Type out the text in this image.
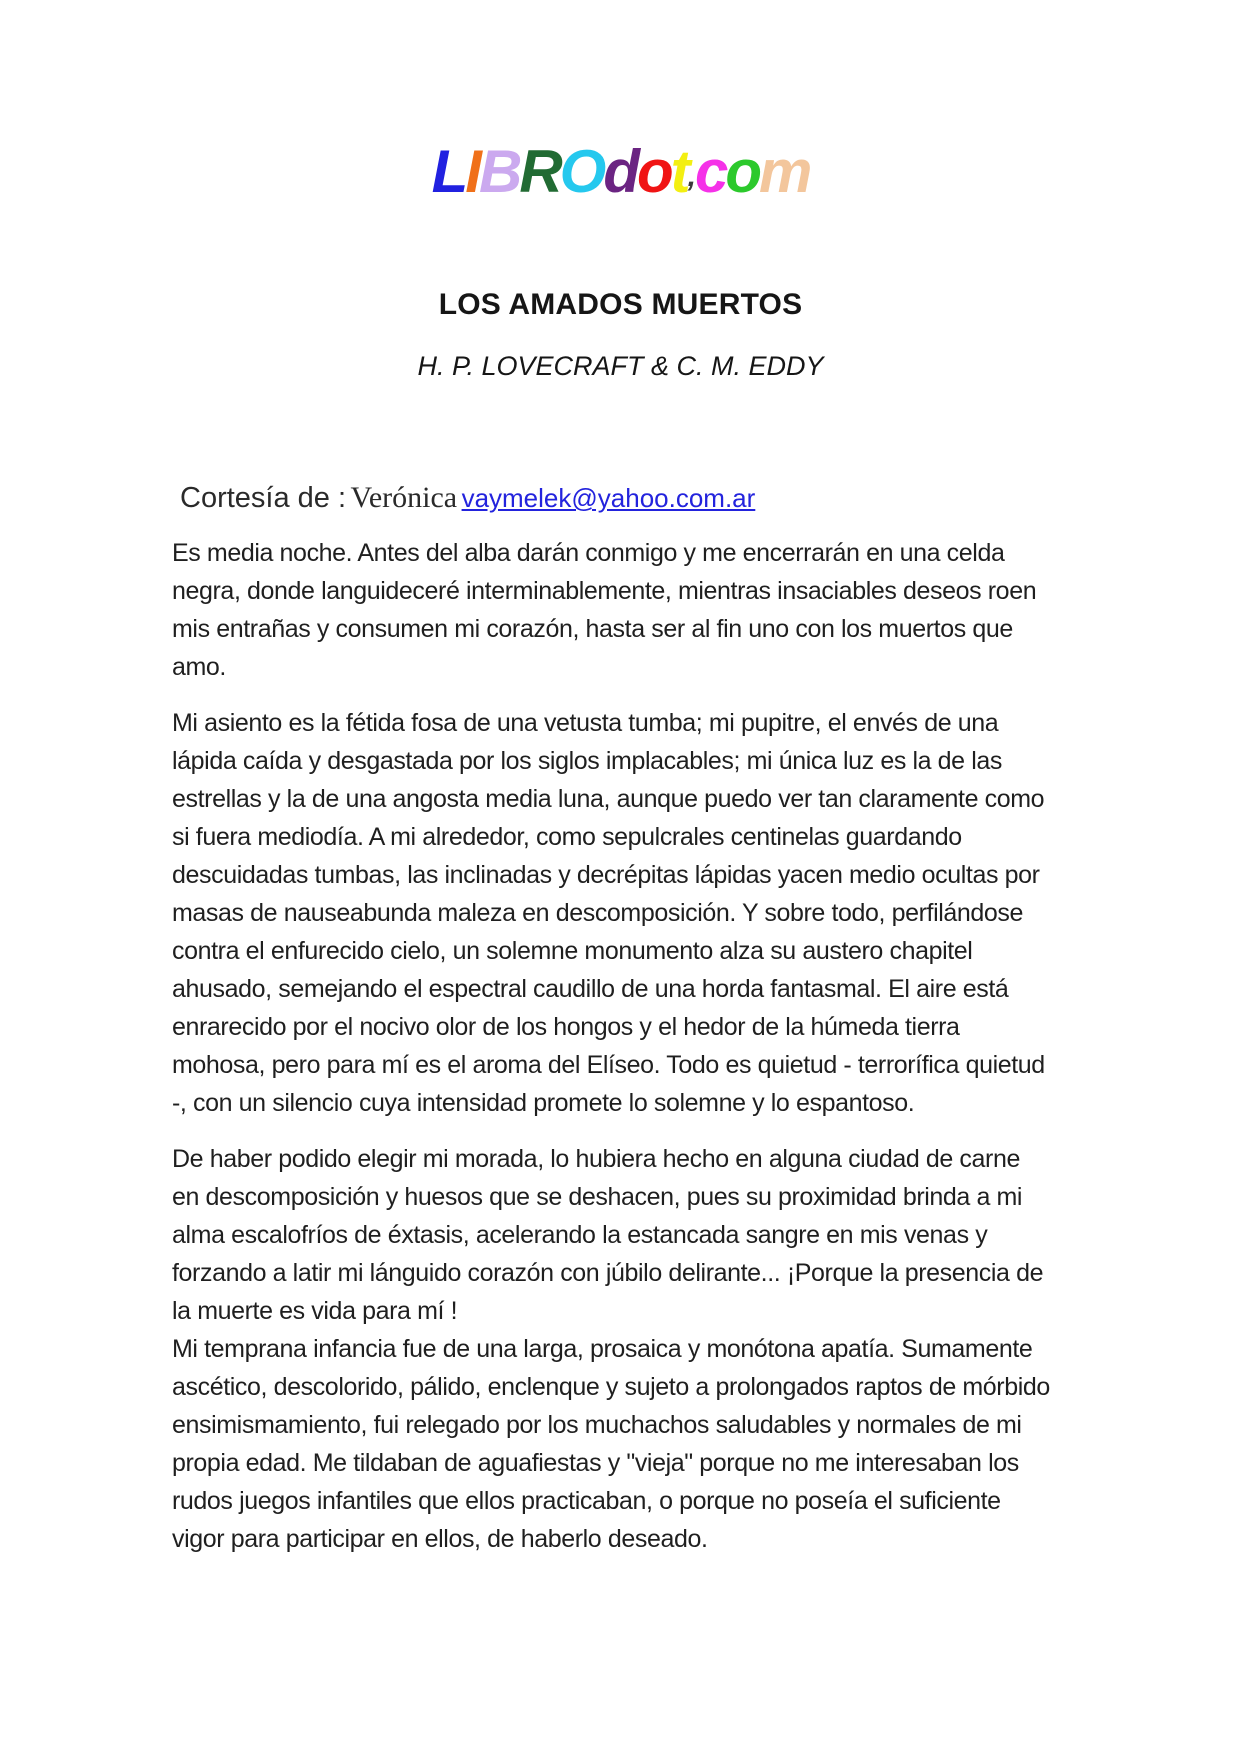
LIBROdot,com
LOS AMADOS MUERTOS
H. P. LOVECRAFT & C. M. EDDY
Cortesía de : Verónica vaymelek@yahoo.com.ar

Es media noche. Antes del alba darán conmigo y me encerrarán en una celda negra, donde languideceré interminablemente, mientras insaciables deseos roen mis entrañas y consumen mi corazón, hasta ser al fin uno con los muertos que amo.

Mi asiento es la fétida fosa de una vetusta tumba; mi pupitre, el envés de una lápida caída y desgastada por los siglos implacables; mi única luz es la de las estrellas y la de una angosta media luna, aunque puedo ver tan claramente como si fuera mediodía. A mi alrededor, como sepulcrales centinelas guardando descuidadas tumbas, las inclinadas y decrépitas lápidas yacen medio ocultas por masas de nauseabunda maleza en descomposición. Y sobre todo, perfilándose contra el enfurecido cielo, un solemne monumento alza su austero chapitel ahusado, semejando el espectral caudillo de una horda fantasmal. El aire está enrarecido por el nocivo olor de los hongos y el hedor de la húmeda tierra mohosa, pero para mí es el aroma del Elíseo. Todo es quietud - terrorífica quietud -, con un silencio cuya intensidad promete lo solemne y lo espantoso.

De haber podido elegir mi morada, lo hubiera hecho en alguna ciudad de carne en descomposición y huesos que se deshacen, pues su proximidad brinda a mi alma escalofríos de éxtasis, acelerando la estancada sangre en mis venas y forzando a latir mi lánguido corazón con júbilo delirante... ¡Porque la presencia de la muerte es vida para mí !

Mi temprana infancia fue de una larga, prosaica y monótona apatía. Sumamente ascético, descolorido, pálido, enclenque y sujeto a prolongados raptos de mórbido ensimismamiento, fui relegado por los muchachos saludables y normales de mi propia edad. Me tildaban de aguafiestas y "vieja" porque no me interesaban los rudos juegos infantiles que ellos practicaban, o porque no poseía el suficiente vigor para participar en ellos, de haberlo deseado.
